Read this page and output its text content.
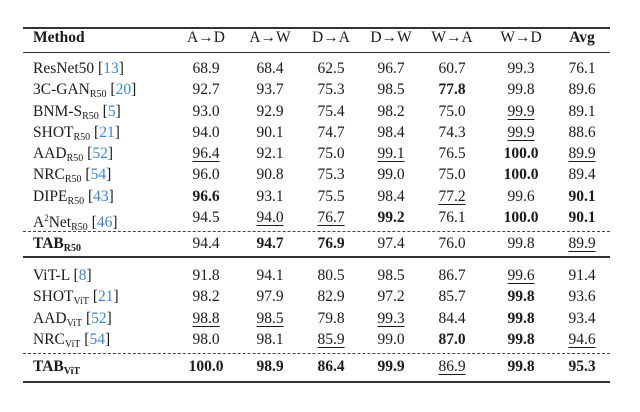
Method	A→D	A→W	D→A	D→W	W→A	W→D	Avg
ResNet50 [13]	68.9	68.4	62.5	96.7	60.7	99.3	76.1
$3C-GAN_{R50}$ [20]	92.7	93.7	75.3	98.5	77.8	99.8	89.6
BNM-$S_{R50}$ [5]	93.0	92.9	75.4	98.2	75.0	99.9	89.1
$SHOT_{R50}$ [21]	94.0	90.1	74.7	98.4	74.3	99.9	88.6
$AAD_{R50}$ [52]	96.4	92.1	75.0	99.1	76.5	100.0	89.9
$NRC_{R50}$ [54]	96.0	90.8	75.3	99.0	75.0	100.0	89.4
$DIPE_{R50}$ [43]	96.6	93.1	75.5	98.4	77.2	99.6	90.1
$A^2Net_{R50}$ [46]	94.5	94.0	76.7	99.2	76.1	100.0	90.1
$TAB_{R50}$	94.4	94.7	76.9	97.4	76.0	99.8	89.9
ViT-L [8]	91.8	94.1	80.5	98.5	86.7	99.6	91.4
$SHOT_{ViT}$ [21]	98.2	97.9	82.9	97.2	85.7	99.8	93.6
$AAD_{ViT}$ [52]	98.8	98.5	79.8	99.3	84.4	99.8	93.4
$NRC_{ViT}$ [54]	98.0	98.1	85.9	99.0	87.0	99.8	94.6
$TAB_{ViT}$	100.0	98.9	86.4	99.9	86.9	99.8	95.3
